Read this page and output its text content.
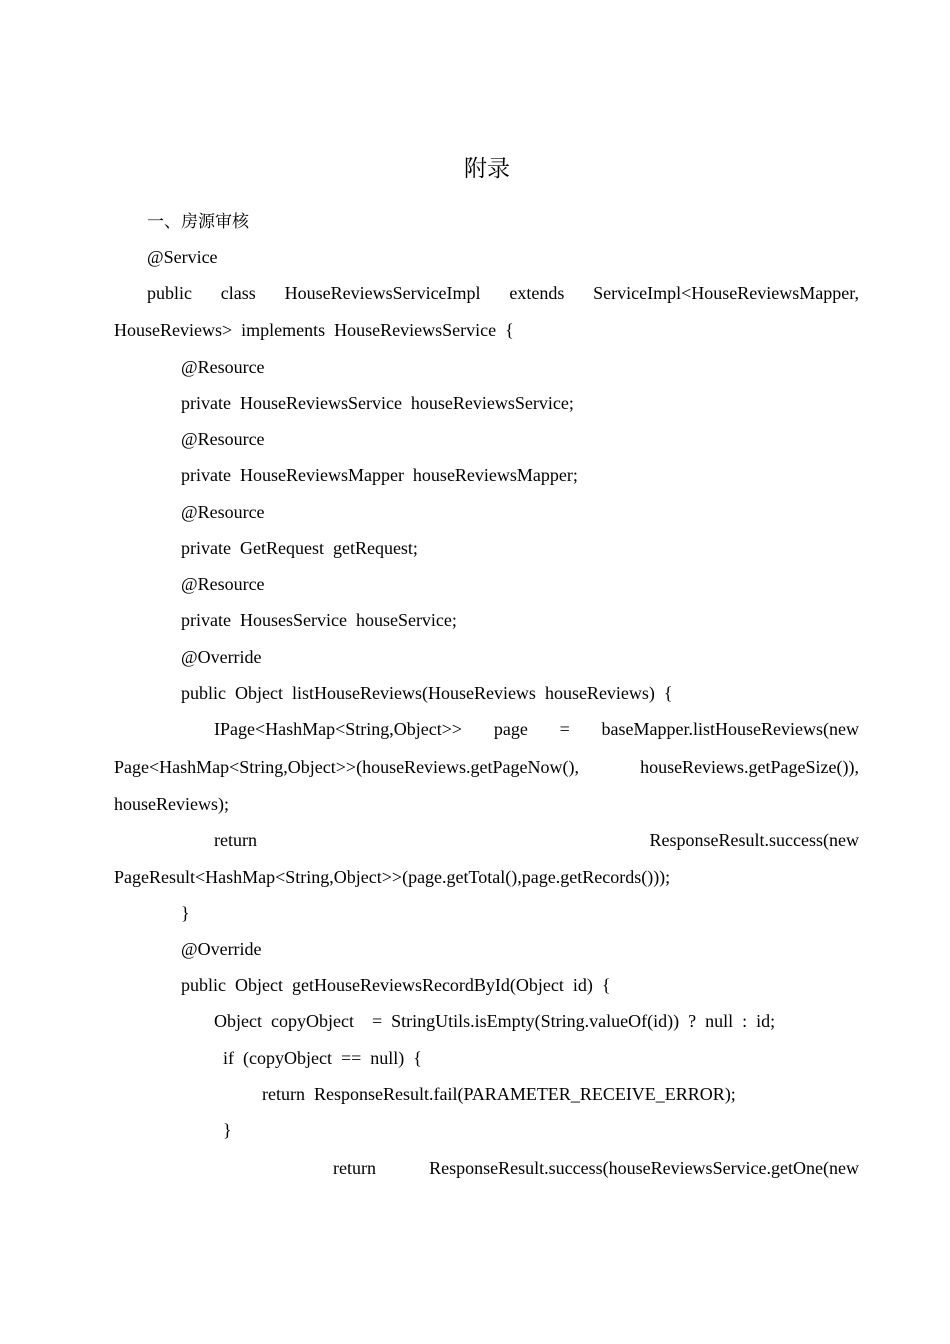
附录
一、房源审核
@Service
public class HouseReviewsServiceImpl extends ServiceImpl<HouseReviewsMapper,
HouseReviews>  implements  HouseReviewsService  {
@Resource
private  HouseReviewsService  houseReviewsService;
@Resource
private  HouseReviewsMapper  houseReviewsMapper;
@Resource
private  GetRequest  getRequest;
@Resource
private  HousesService  houseService;
@Override
public  Object  listHouseReviews(HouseReviews  houseReviews)  {
IPage<HashMap<String,Object>> page = baseMapper.listHouseReviews(new
Page<HashMap<String,Object>>(houseReviews.getPageNow(),	houseReviews.getPageSize()),
houseReviews);
return	ResponseResult.success(new
PageResult<HashMap<String,Object>>(page.getTotal(),page.getRecords()));
}
@Override
public  Object  getHouseReviewsRecordById(Object  id)  {
Object  copyObject    =  StringUtils.isEmpty(String.valueOf(id))  ?  null  :  id;
if  (copyObject  ==  null)  {
return  ResponseResult.fail(PARAMETER_RECEIVE_ERROR);
}
return	ResponseResult.success(houseReviewsService.getOne(new
